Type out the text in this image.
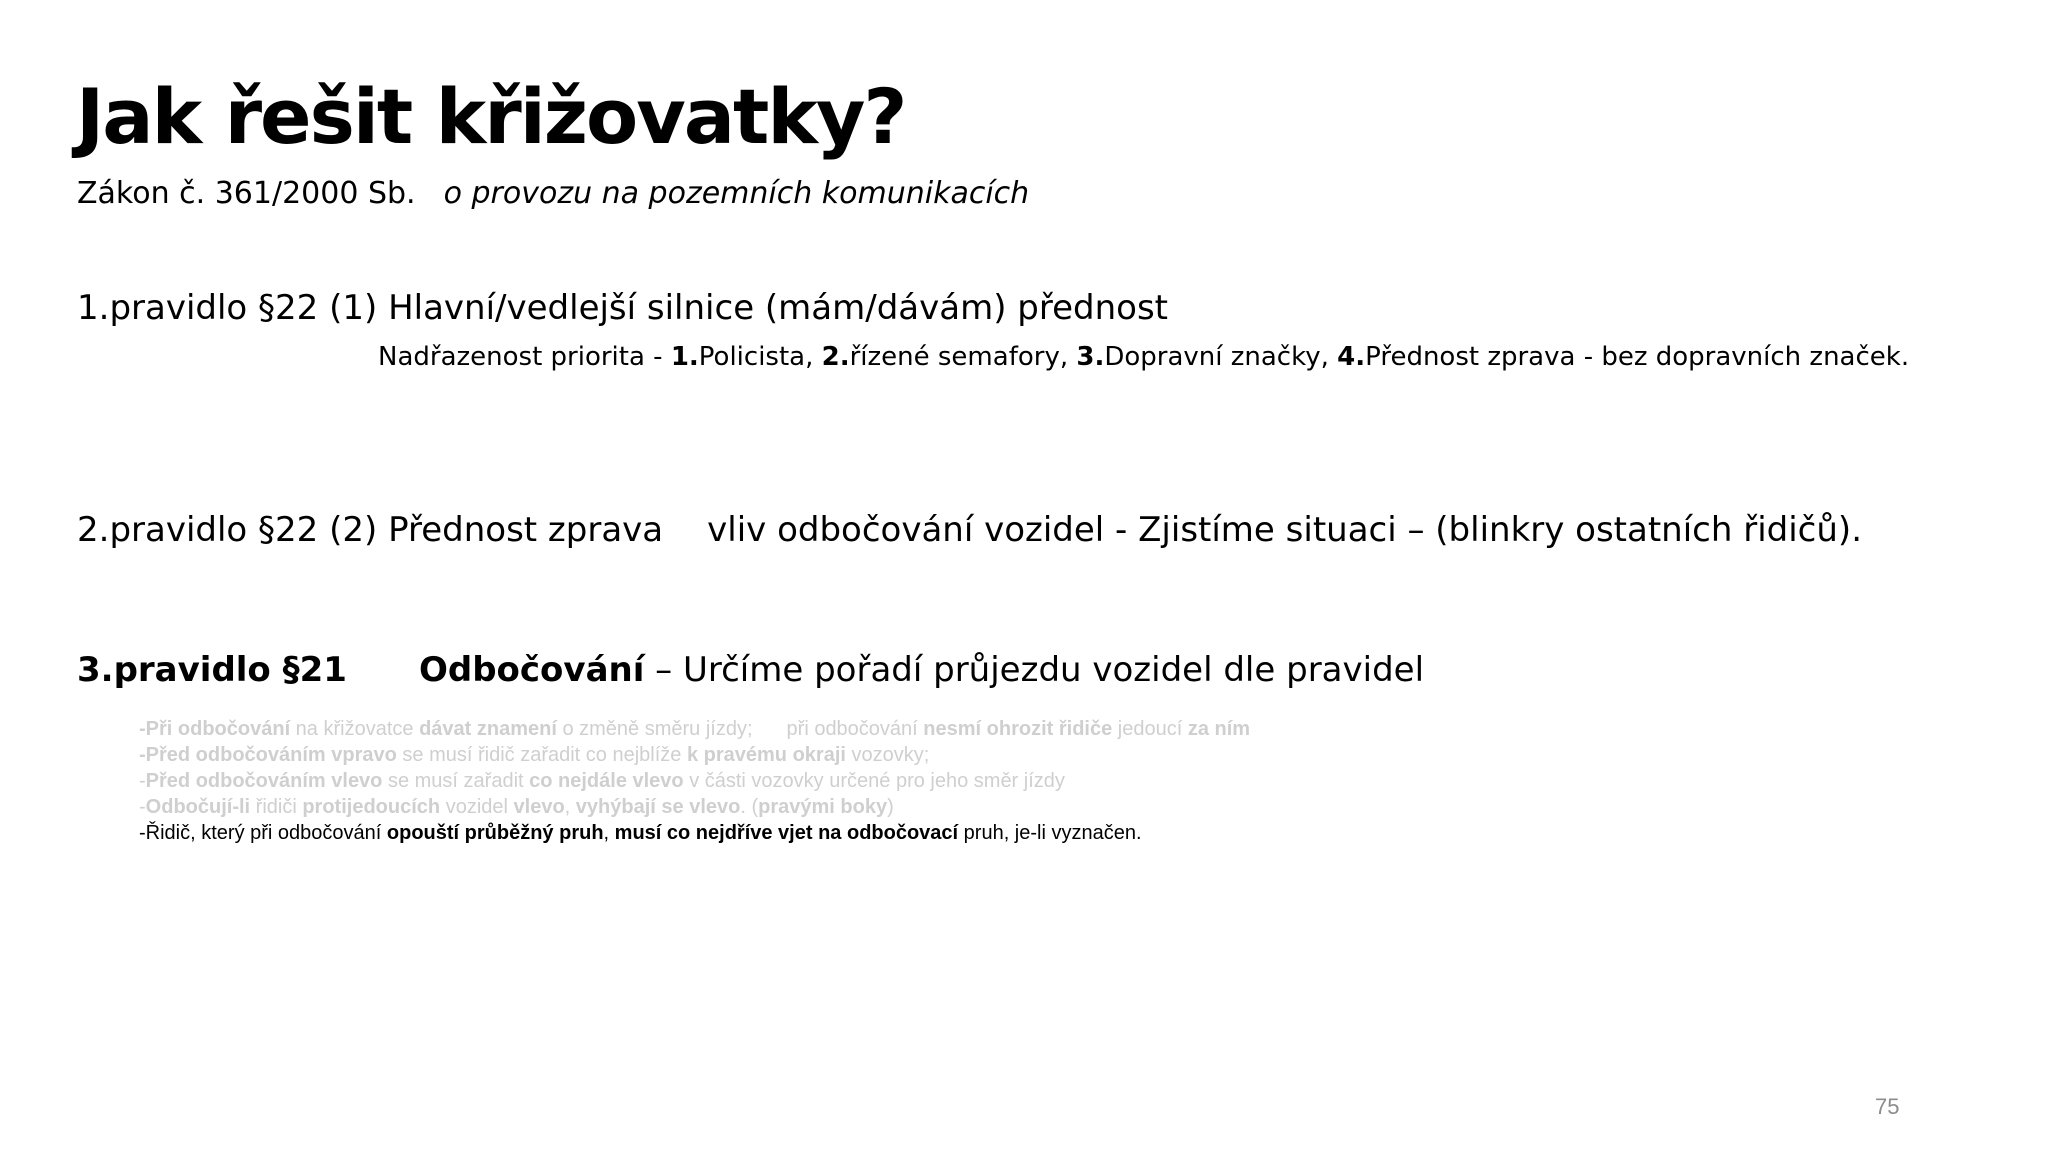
Jak řešit křižovatky?
Zákon č. 361/2000 Sb. o provozu na pozemních komunikacích
1.pravidlo §22 (1) Hlavní/vedlejší silnice (mám/dávám) přednost
Nadřazenost priorita - 1.Policista, 2.řízené semafory, 3.Dopravní značky, 4.Přednost zprava - bez dopravních značek.
2.pravidlo §22 (2) Přednost zprava vliv odbočování vozidel - Zjistíme situaci – (blinkry ostatních řidičů).
3.pravidlo §21 Odbočování – Určíme pořadí průjezdu vozidel dle pravidel
-Při odbočování na křižovatce dávat znamení o změně směru jízdy; při odbočování nesmí ohrozit řidiče jedoucí za ním
-Před odbočováním vpravo se musí řidič zařadit co nejblíže k pravému okraji vozovky;
-Před odbočováním vlevo se musí zařadit co nejdále vlevo v části vozovky určené pro jeho směr jízdy
-Odbočují-li řidiči protijedoucích vozidel vlevo, vyhýbají se vlevo. (pravými boky)
-Řidič, který při odbočování opouští průběžný pruh, musí co nejdříve vjet na odbočovací pruh, je-li vyznačen.
75
